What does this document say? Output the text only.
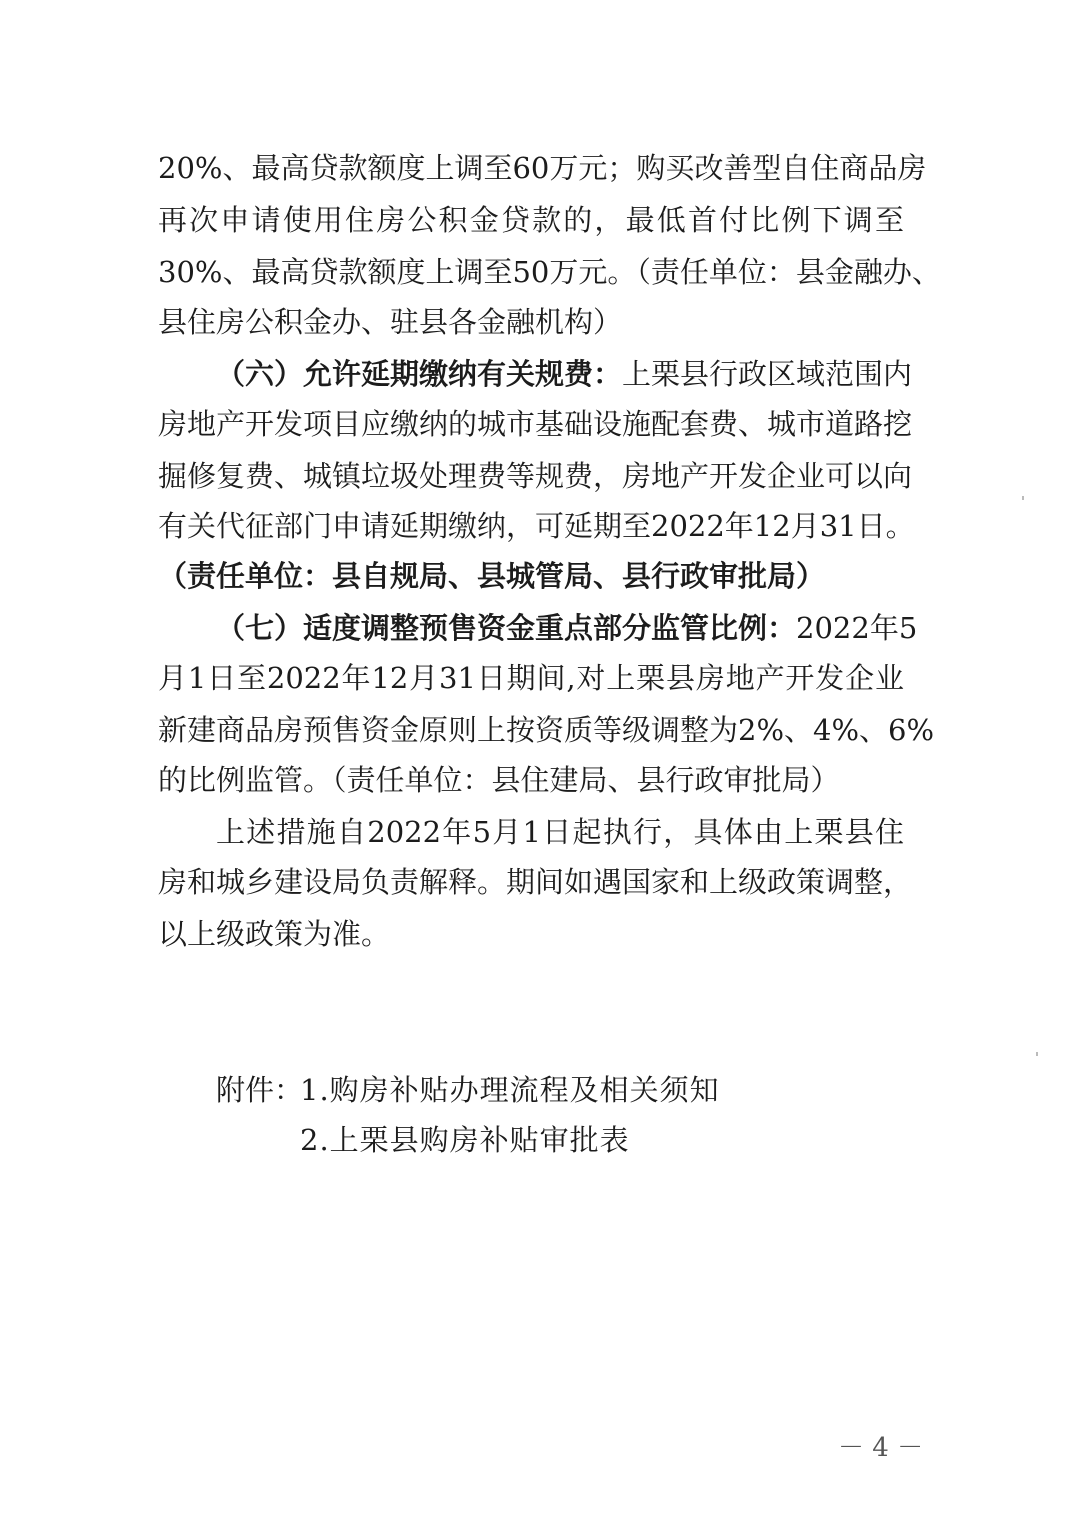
20%、最高贷款额度上调至60万元；购买改善型自住商品房
再次申请使用住房公积金贷款的，最低首付比例下调至
30%、最高贷款额度上调至50万元。（责任单位：县金融办、
县住房公积金办、驻县各金融机构）
（六）允许延期缴纳有关规费：上栗县行政区域范围内
房地产开发项目应缴纳的城市基础设施配套费、城市道路挖
掘修复费、城镇垃圾处理费等规费，房地产开发企业可以向
有关代征部门申请延期缴纳，可延期至2022年12月31日。
（责任单位：县自规局、县城管局、县行政审批局）
（七）适度调整预售资金重点部分监管比例：2022年5
月1日至2022年12月31日期间,对上栗县房地产开发企业
新建商品房预售资金原则上按资质等级调整为2%、4%、6%
的比例监管。（责任单位：县住建局、县行政审批局）
上述措施自2022年5月1日起执行，具体由上栗县住
房和城乡建设局负责解释。期间如遇国家和上级政策调整，
以上级政策为准。
附件：
1.购房补贴办理流程及相关须知
2.上栗县购房补贴审批表
－ 4 －
